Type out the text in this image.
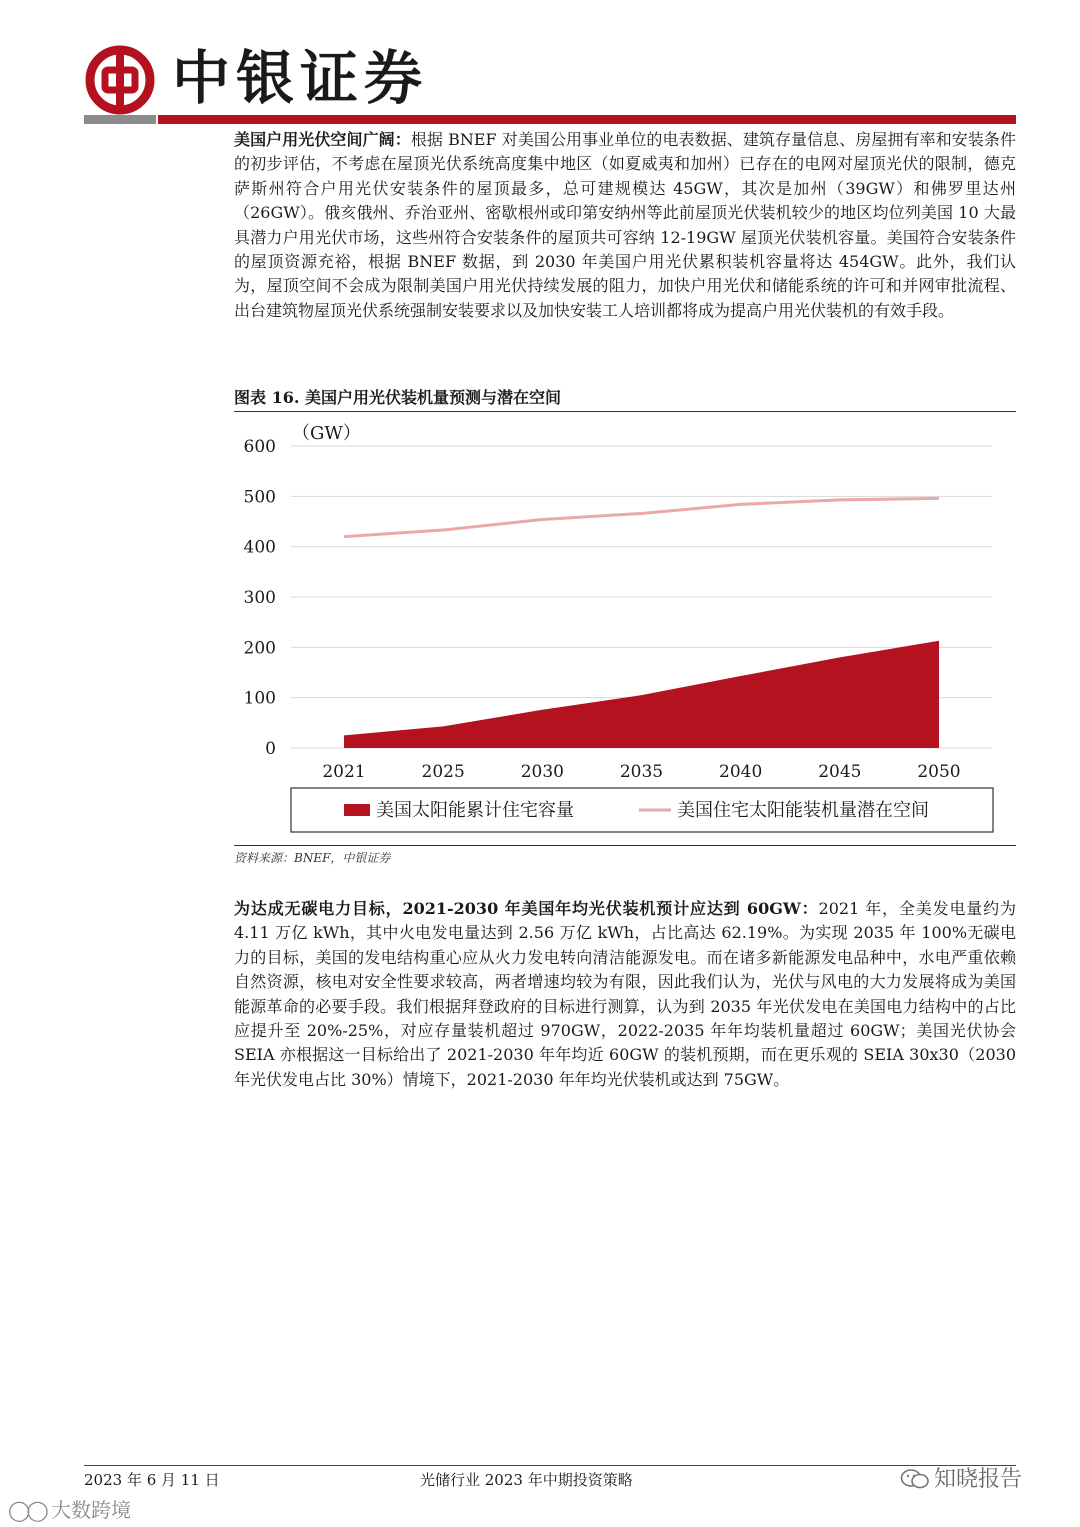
中银证券
美国户用光伏空间广阔：根据 BNEF 对美国公用事业单位的电表数据、建筑存量信息、房屋拥有率和安装条件的初步评估，不考虑在屋顶光伏系统高度集中地区（如夏威夷和加州）已存在的电网对屋顶光伏的限制，德克萨斯州符合户用光伏安装条件的屋顶最多，总可建规模达 45GW，其次是加州（39GW）和佛罗里达州（26GW）。俄亥俄州、乔治亚州、密歇根州或印第安纳州等此前屋顶光伏装机较少的地区均位列美国 10 大最具潜力户用光伏市场，这些州符合安装条件的屋顶共可容纳 12-19GW 屋顶光伏装机容量。美国符合安装条件的屋顶资源充裕，根据 BNEF 数据，到 2030 年美国户用光伏累积装机容量将达 454GW。此外，我们认为，屋顶空间不会成为限制美国户用光伏持续发展的阻力，加快户用光伏和储能系统的许可和并网审批流程、出台建筑物屋顶光伏系统强制安装要求以及加快安装工人培训都将成为提高户用光伏装机的有效手段。
图表 16. 美国户用光伏装机量预测与潜在空间
0
100
200
300
400
500
600
2021	2025	2030	2035	2040	2045	2050
（GW）
美国太阳能累计住宅容量	美国住宅太阳能装机量潜在空间
资料来源：BNEF，中银证券
为达成无碳电力目标，2021-2030 年美国年均光伏装机预计应达到 60GW：2021 年，全美发电量约为 4.11 万亿 kWh，其中火电发电量达到 2.56 万亿 kWh，占比高达 62.19%。为实现 2035 年 100%无碳电力的目标，美国的发电结构重心应从火力发电转向清洁能源发电。而在诸多新能源发电品种中，水电严重依赖自然资源，核电对安全性要求较高，两者增速均较为有限，因此我们认为，光伏与风电的大力发展将成为美国能源革命的必要手段。我们根据拜登政府的目标进行测算，认为到 2035 年光伏发电在美国电力结构中的占比应提升至 20%-25%，对应存量装机超过 970GW，2022-2035 年年均装机量超过 60GW；美国光伏协会 SEIA 亦根据这一目标给出了 2021-2030 年年均近 60GW 的装机预期，而在更乐观的 SEIA 30x30（2030 年光伏发电占比 30%）情境下，2021-2030 年年均光伏装机或达到 75GW。
2023 年 6 月 11 日	光储行业 2023 年中期投资策略	知晓报告
◯◯ 大数跨境
